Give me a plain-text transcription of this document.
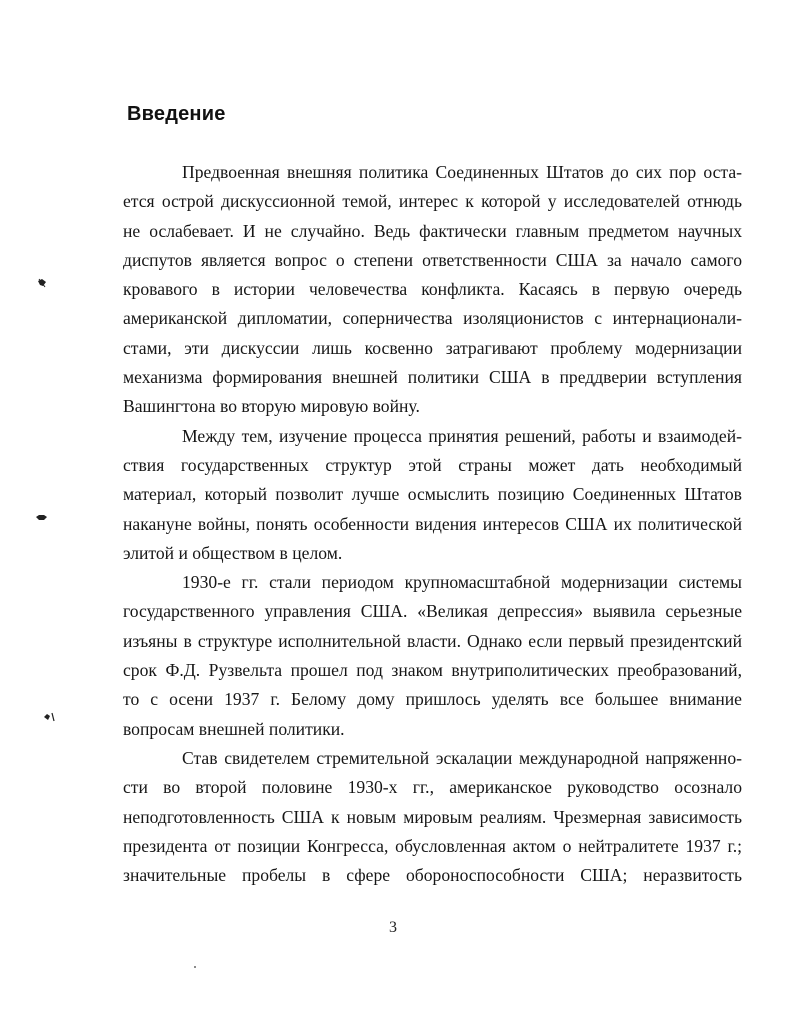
Введение
Предвоенная внешняя политика Соединенных Штатов до сих пор оста-
ется острой дискуссионной темой, интерес к которой у исследователей отнюдь
не ослабевает. И не случайно. Ведь фактически главным предметом научных
диспутов является вопрос о степени ответственности США за начало самого
кровавого в истории человечества конфликта. Касаясь в первую очередь
американской дипломатии, соперничества изоляционистов с интернационали-
стами, эти дискуссии лишь косвенно затрагивают проблему модернизации
механизма формирования внешней политики США в преддверии вступления
Вашингтона во вторую мировую войну.
Между тем, изучение процесса принятия решений, работы и взаимодей-
ствия государственных структур этой страны может дать необходимый
материал, который позволит лучше осмыслить позицию Соединенных Штатов
накануне войны, понять особенности видения интересов США их политической
элитой и обществом в целом.
1930-е гг. стали периодом крупномасштабной модернизации системы
государственного управления США. «Великая депрессия» выявила серьезные
изъяны в структуре исполнительной власти. Однако если первый президентский
срок Ф.Д. Рузвельта прошел под знаком внутриполитических преобразований,
то с осени 1937 г. Белому дому пришлось уделять все большее внимание
вопросам внешней политики.
Став свидетелем стремительной эскалации международной напряженно-
сти во второй половине 1930-х гг., американское руководство осознало
неподготовленность США к новым мировым реалиям. Чрезмерная зависимость
президента от позиции Конгресса, обусловленная актом о нейтралитете 1937 г.;
значительные пробелы в сфере обороноспособности США; неразвитость
3
